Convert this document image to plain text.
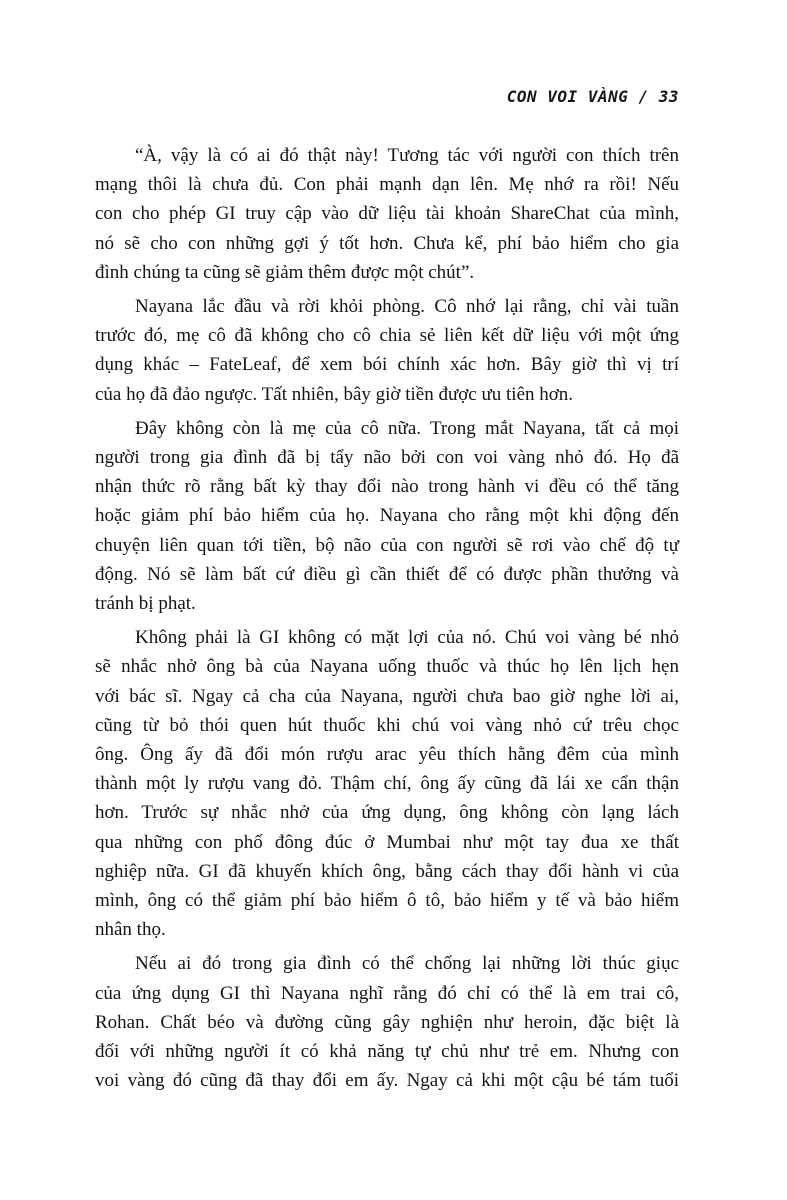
CON VOI VÀNG / 33
“À, vậy là có ai đó thật này! Tương tác với người con thích trên
mạng thôi là chưa đủ. Con phải mạnh dạn lên. Mẹ nhớ ra rồi! Nếu
con cho phép GI truy cập vào dữ liệu tài khoản ShareChat của mình,
nó sẽ cho con những gợi ý tốt hơn. Chưa kể, phí bảo hiểm cho gia
đình chúng ta cũng sẽ giảm thêm được một chút”.
Nayana lắc đầu và rời khỏi phòng. Cô nhớ lại rằng, chỉ vài tuần
trước đó, mẹ cô đã không cho cô chia sẻ liên kết dữ liệu với một ứng
dụng khác – FateLeaf, để xem bói chính xác hơn. Bây giờ thì vị trí
của họ đã đảo ngược. Tất nhiên, bây giờ tiền được ưu tiên hơn.
Đây không còn là mẹ của cô nữa. Trong mắt Nayana, tất cả mọi
người trong gia đình đã bị tẩy não bởi con voi vàng nhỏ đó. Họ đã
nhận thức rõ rằng bất kỳ thay đổi nào trong hành vi đều có thể tăng
hoặc giảm phí bảo hiểm của họ. Nayana cho rằng một khi động đến
chuyện liên quan tới tiền, bộ não của con người sẽ rơi vào chế độ tự
động. Nó sẽ làm bất cứ điều gì cần thiết để có được phần thưởng và
tránh bị phạt.
Không phải là GI không có mặt lợi của nó. Chú voi vàng bé nhỏ
sẽ nhắc nhở ông bà của Nayana uống thuốc và thúc họ lên lịch hẹn
với bác sĩ. Ngay cả cha của Nayana, người chưa bao giờ nghe lời ai,
cũng từ bỏ thói quen hút thuốc khi chú voi vàng nhỏ cứ trêu chọc
ông. Ông ấy đã đổi món rượu arac yêu thích hằng đêm của mình
thành một ly rượu vang đỏ. Thậm chí, ông ấy cũng đã lái xe cẩn thận
hơn. Trước sự nhắc nhở của ứng dụng, ông không còn lạng lách
qua những con phố đông đúc ở Mumbai như một tay đua xe thất
nghiệp nữa. GI đã khuyến khích ông, bằng cách thay đổi hành vi của
mình, ông có thể giảm phí bảo hiểm ô tô, bảo hiểm y tế và bảo hiểm
nhân thọ.
Nếu ai đó trong gia đình có thể chống lại những lời thúc giục
của ứng dụng GI thì Nayana nghĩ rằng đó chỉ có thể là em trai cô,
Rohan. Chất béo và đường cũng gây nghiện như heroin, đặc biệt là
đối với những người ít có khả năng tự chủ như trẻ em. Nhưng con
voi vàng đó cũng đã thay đổi em ấy. Ngay cả khi một cậu bé tám tuổi
